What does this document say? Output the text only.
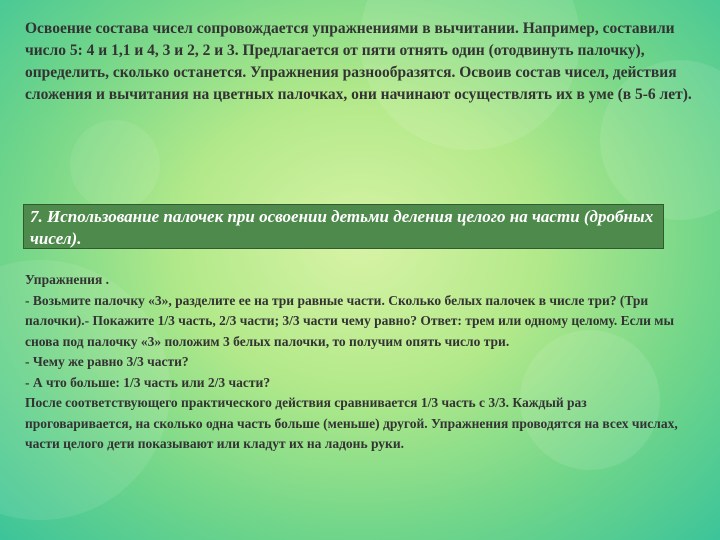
Освоение состава чисел сопровождается упражнениями в вычитании. Например, составили число 5: 4 и 1,1 и 4, 3 и 2, 2 и 3. Предлагается от пяти отнять один (отодвинуть палочку), определить, сколько останется. Упражнения разнообразятся. Освоив состав чисел, действия сложения и вычитания на цветных палочках, они начинают осуществлять их в уме (в 5-6 лет).

7. Использование палочек при освоении детьми деления целого на части (дробных чисел).

Упражнения .
- Возьмите палочку «3», разделите ее на три равные части. Сколько белых палочек в числе три? (Три палочки).- Покажите 1/3 часть, 2/3 части; 3/3 части чему равно? Ответ: трем или одному целому. Если мы снова под палочку «3» положим 3 белых палочки, то получим опять число три.
- Чему же равно 3/3 части?
- А что больше: 1/3 часть или 2/3 части?
После соответствующего практического действия сравнивается 1/3 часть с 3/3. Каждый раз проговаривается, на сколько одна часть больше (меньше) другой. Упражнения проводятся на всех числах, части целого дети показывают или кладут их на ладонь руки.
